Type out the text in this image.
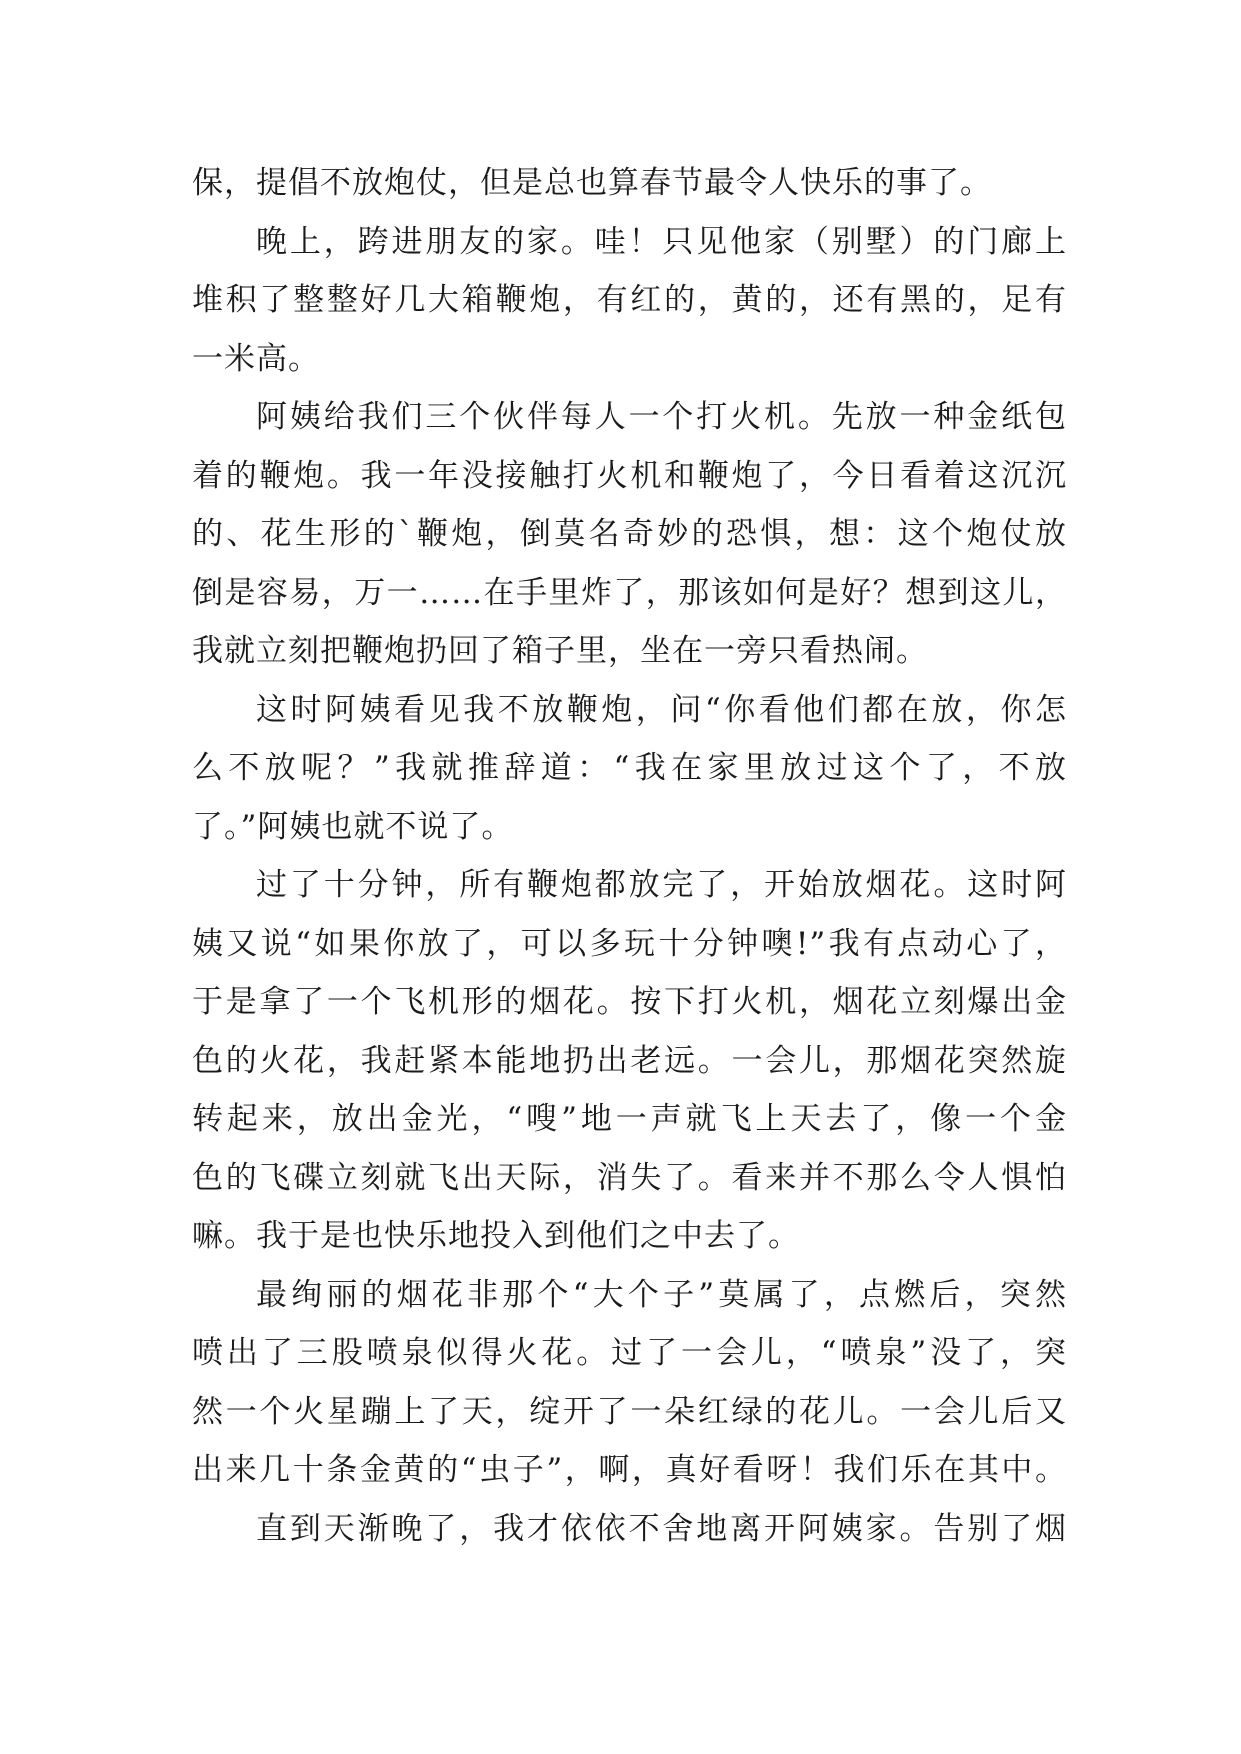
保，提倡不放炮仗，但是总也算春节最令人快乐的事了。
晚上，跨进朋友的家。哇！只见他家（别墅）的门廊上
堆积了整整好几大箱鞭炮，有红的，黄的，还有黑的，足有
一米高。
阿姨给我们三个伙伴每人一个打火机。先放一种金纸包
着的鞭炮。我一年没接触打火机和鞭炮了，今日看着这沉沉
的、花生形的`鞭炮，倒莫名奇妙的恐惧，想：这个炮仗放
倒是容易，万一……在手里炸了，那该如何是好？想到这儿，
我就立刻把鞭炮扔回了箱子里，坐在一旁只看热闹。
这时阿姨看见我不放鞭炮，问“你看他们都在放，你怎
么不放呢？”我就推辞道：“我在家里放过这个了，不放
了。”阿姨也就不说了。
过了十分钟，所有鞭炮都放完了，开始放烟花。这时阿
姨又说“如果你放了，可以多玩十分钟噢!”我有点动心了，
于是拿了一个飞机形的烟花。按下打火机，烟花立刻爆出金
色的火花，我赶紧本能地扔出老远。一会儿，那烟花突然旋
转起来，放出金光，“嗖”地一声就飞上天去了，像一个金
色的飞碟立刻就飞出天际，消失了。看来并不那么令人惧怕
嘛。我于是也快乐地投入到他们之中去了。
最绚丽的烟花非那个“大个子”莫属了，点燃后，突然
喷出了三股喷泉似得火花。过了一会儿，“喷泉”没了，突
然一个火星蹦上了天，绽开了一朵红绿的花儿。一会儿后又
出来几十条金黄的“虫子”，啊，真好看呀！我们乐在其中。
直到天渐晚了，我才依依不舍地离开阿姨家。告别了烟
